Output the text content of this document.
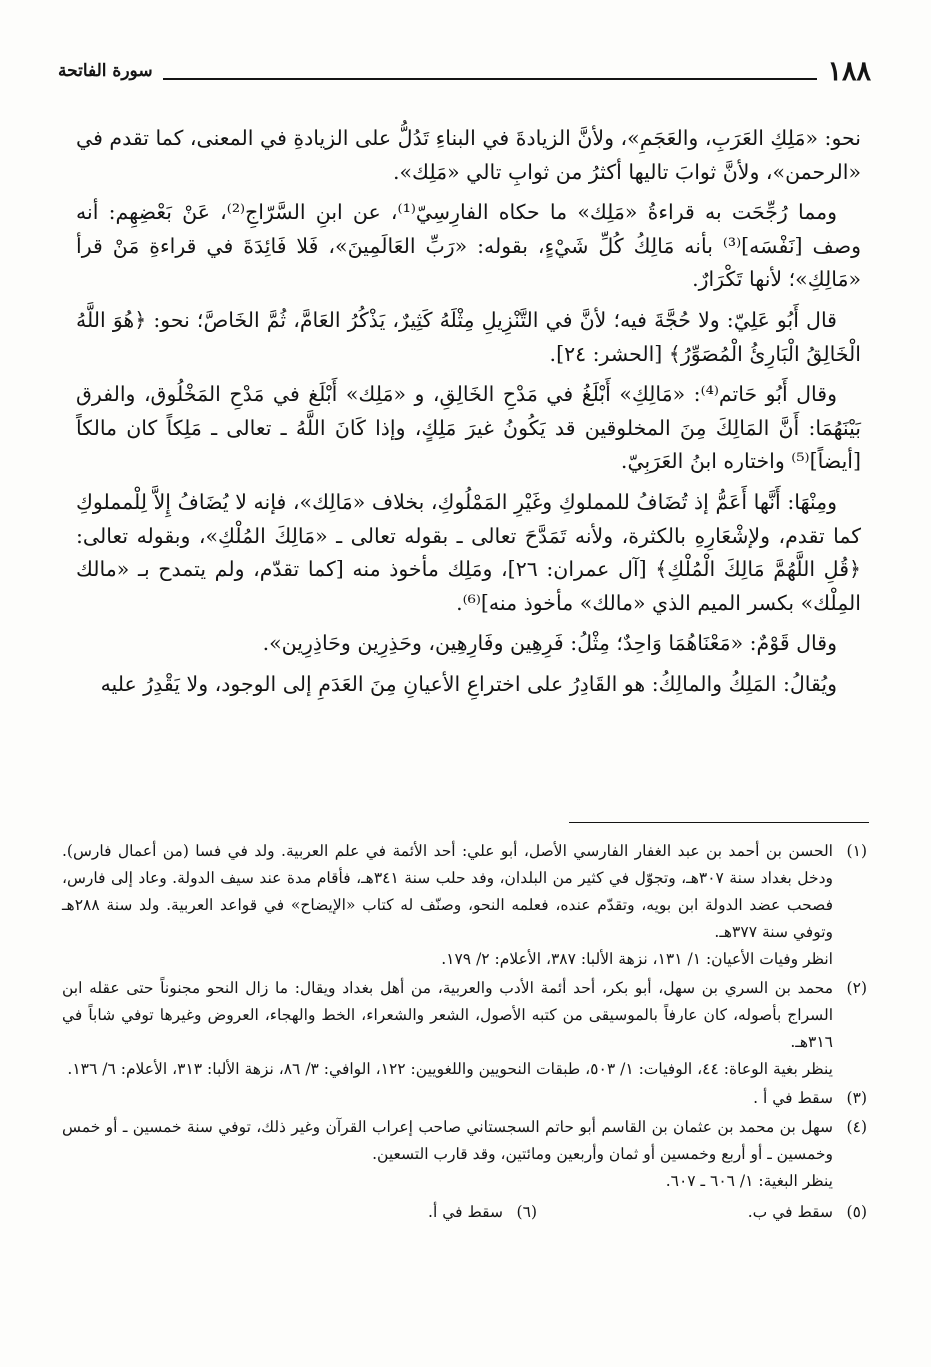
١٨٨
سورة الفاتحة

نحو: «مَلِكِ العَرَبِ، والعَجَمِ»، ولأنَّ الزيادةَ في البناءِ تَدُلُّ على الزيادةِ في المعنى، كما تقدم في «الرحمن»، ولأنَّ ثوابَ تاليها أكثرُ من ثوابِ تالي «مَلِك».

ومما رُجِّحَت به قراءةُ «مَلِك» ما حكاه الفارِسِيّ⁽¹⁾، عن ابنِ السَّرّاجِ⁽²⁾، عَنْ بَعْضِهِم: أنه وصف [نَفْسَه]⁽³⁾ بأنه مَالِكُ كُلِّ شَيْءٍ، بقوله: «رَبِّ العَالَمِينَ»، فَلا فَائِدَةَ في قراءةِ مَنْ قرأ «مَالِكِ»؛ لأنها تَكْرَارٌ.

قال أَبُو عَلِيّ: ولا حُجَّةَ فيه؛ لأنَّ في التَّنْزِيلِ مِثْلَهُ كَثِيرٌ، يَذْكُرُ العَامَّ، ثُمَّ الخَاصَّ؛ نحو: ﴿هُوَ اللَّهُ الْخَالِقُ الْبَارِئُ الْمُصَوِّرُ﴾ [الحشر: ٢٤].

وقال أَبُو حَاتم⁽⁴⁾: «مَالِكِ» أَبْلَغُ في مَدْحِ الخَالِقِ، و «مَلِك» أَبْلَغ في مَدْحِ المَخْلُوق، والفرق بَيْنَهُمَا: أَنَّ المَالِكَ مِنَ المخلوقين قد يَكُونُ غيرَ مَلِكٍ، وإذا كَانَ اللَّهُ ـ تعالى ـ مَلِكاً كان مالكاً [أيضاً]⁽⁵⁾ واختاره ابنُ العَرَبِيّ.

ومِنْهَا: أَنَّها أَعَمُّ إذ تُضَافُ للمملوكِ وغَيْرِ المَمْلُوكِ، بخلاف «مَالِك»، فإنه لا يُضَافُ إِلاَّ لِلْمملوكِ كما تقدم، ولإشْعَارِهِ بالكثرة، ولأنه تَمَدَّحَ تعالى ـ بقوله تعالى ـ «مَالِكَ المُلْكِ»، وبقوله تعالى: ﴿قُلِ اللَّهُمَّ مَالِكَ الْمُلْكِ﴾ [آل عمران: ٢٦]، ومَلِك مأخوذ منه [كما تقدّم، ولم يتمدح بـ «مالك المِلْك» بكسر الميم الذي «مالك» مأخوذ منه]⁽⁶⁾.

وقال قَوْمٌ: «مَعْنَاهُمَا وَاحِدٌ؛ مِثْلُ: فَرِهِين وفَارِهِين، وحَذِرِين وحَاذِرِين».

ويُقالُ: المَلِكُ والمالِكُ: هو القَادِرُ على اختراعِ الأعيانِ مِنَ العَدَمِ إلى الوجود، ولا يَقْدِرُ عليه

(١)

الحسن بن أحمد بن عبد الغفار الفارسي الأصل، أبو علي: أحد الأئمة في علم العربية. ولد في فسا (من أعمال فارس). ودخل بغداد سنة ٣٠٧هـ، وتجوّل في كثير من البلدان، وفد حلب سنة ٣٤١هـ، فأقام مدة عند سيف الدولة. وعاد إلى فارس، فصحب عضد الدولة ابن بويه، وتقدّم عنده، فعلمه النحو، وصنّف له كتاب «الإيضاح» في قواعد العربية. ولد سنة ٢٨٨هـ وتوفي سنة ٣٧٧هـ.

انظر وفيات الأعيان: ١/ ١٣١، نزهة الألبا: ٣٨٧، الأعلام: ٢/ ١٧٩.

(٢)

محمد بن السري بن سهل، أبو بكر، أحد أئمة الأدب والعربية، من أهل بغداد ويقال: ما زال النحو مجنوناً حتى عقله ابن السراج بأصوله، كان عارفاً بالموسيقى من كتبه الأصول، الشعر والشعراء، الخط والهجاء، العروض وغيرها توفي شاباً في ٣١٦هـ.

ينظر بغية الوعاة: ٤٤، الوفيات: ١/ ٥٠٣، طبقات النحويين واللغويين: ١٢٢، الوافي: ٣/ ٨٦، نزهة الألبا: ٣١٣، الأعلام: ٦/ ١٣٦.

(٣)

سقط في أ .

(٤)

سهل بن محمد بن عثمان بن القاسم أبو حاتم السجستاني صاحب إعراب القرآن وغير ذلك، توفي سنة خمسين ـ أو خمس وخمسين ـ أو أربع وخمسين أو ثمان وأربعين ومائتين، وقد قارب التسعين.

ينظر البغية: ١/ ٦٠٦ ـ ٦٠٧.

(٥)

سقط في ب.

(٦)

سقط في أ.
